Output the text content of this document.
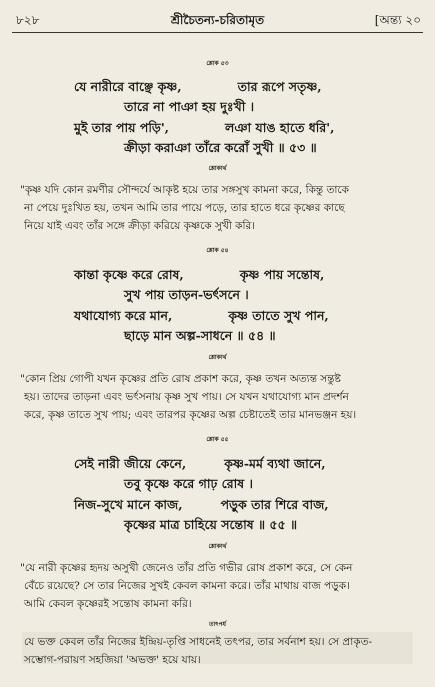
৮২৮	শ্রীচৈতন্য-চরিতামৃত	[অন্ত্য ২০
শ্লোক ৫৩
যে নারীরে বাঞ্ছে কৃষ্ণ,	তার রূপে সতৃষ্ণ,
তারে না পাঞা হয় দুঃখী ।
মুই তার পায় পড়ি',	লঞা যাঙ হাতে ধরি',
ক্রীড়া করাঞা তাঁরে করোঁ সুখী ॥ ৫৩ ॥
শ্লোকার্থ
"কৃষ্ণ যদি কোন রমণীর সৌন্দর্যে আকৃষ্ট হয়ে তার সঙ্গসুখ কামনা করে, কিন্তু তাকে
না পেয়ে দুঃখিত হয়, তখন আমি তার পায়ে পড়ে, তার হাতে ধরে কৃষ্ণের কাছে
নিয়ে যাই এবং তাঁর সঙ্গে ক্রীড়া করিয়ে কৃষ্ণকে সুখী করি।
শ্লোক ৫৪
কান্তা কৃষ্ণে করে রোষ,	কৃষ্ণ পায় সন্তোষ,
সুখ পায় তাড়ন-ভর্ৎসনে ।
যথাযোগ্য করে মান,	কৃষ্ণ তাতে সুখ পান,
ছাড়ে মান অল্প-সাধনে ॥ ৫৪ ॥
শ্লোকার্থ
"কোন প্রিয় গোপী যখন কৃষ্ণের প্রতি রোষ প্রকাশ করে, কৃষ্ণ তখন অত্যন্ত সন্তুষ্ট
হয়। তাদের তাড়না এবং ভর্ৎসনায় কৃষ্ণ সুখ পায়। সে যখন যথাযোগ্য মান প্রদর্শন
করে, কৃষ্ণ তাতে সুখ পায়; এবং তারপর কৃষ্ণের অল্প চেষ্টাতেই তার মানভঞ্জন হয়।
শ্লোক ৫৫
সেই নারী জীয়ে কেনে,	কৃষ্ণ-মর্ম ব্যথা জানে,
তবু কৃষ্ণে করে গাঢ় রোষ ।
নিজ-সুখে মানে কাজ,	পড়ুক তার শিরে বাজ,
কৃষ্ণের মাত্র চাহিয়ে সন্তোষ ॥ ৫৫ ॥
শ্লোকার্থ
"যে নারী কৃষ্ণের হৃদয় অসুখী জেনেও তাঁর প্রতি গভীর রোষ প্রকাশ করে, সে কেন
বেঁচে রয়েছে? সে তার নিজের সুখই কেবল কামনা করে। তাঁর মাথায় বাজ পড়ুক।
আমি কেবল কৃষ্ণেরই সন্তোষ কামনা করি।
তাৎপর্য
যে ভক্ত কেবল তাঁর নিজের ইন্দ্রিয়-তৃপ্তি সাধনেই তৎপর, তার সর্বনাশ হয়। সে প্রাকৃত-
সম্ভোগ-পরায়ণ সহজিয়া 'অভক্ত' হয়ে যায়।
